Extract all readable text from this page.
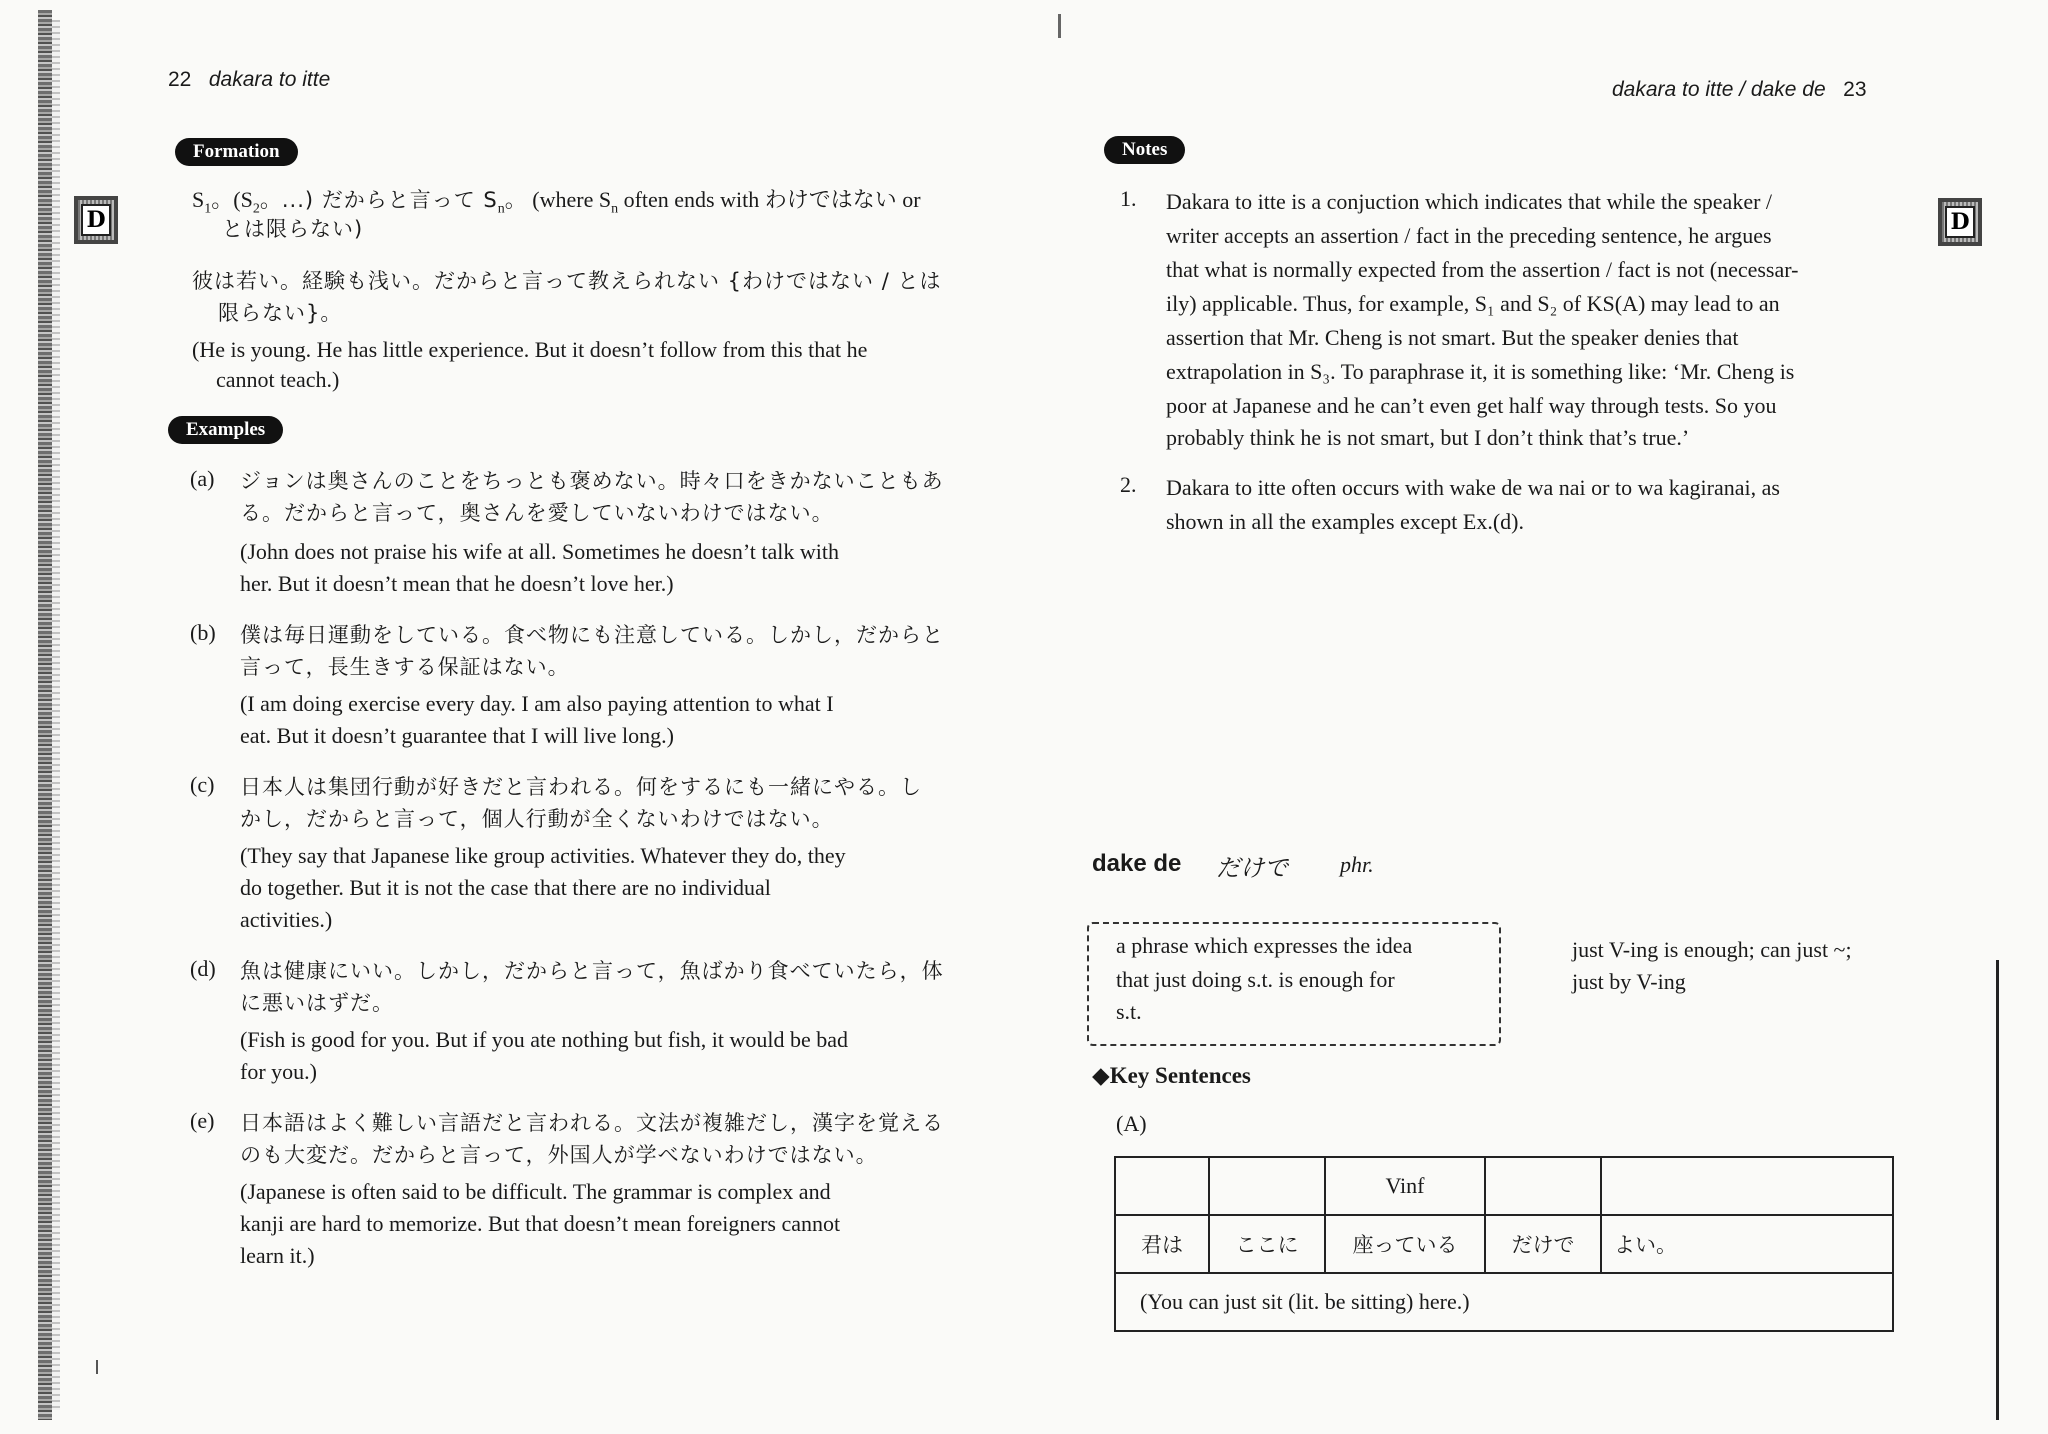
22 dakara to itte
D
Formation
$S_1$。($S_2$。...) だからと言って $S_n$。 (where $S_n$ often ends with わけではない or
とは限らない)
彼は若い。経験も浅い。だからと言って教えられない {わけではない / とは
限らない}。
(He is young. He has little experience. But it doesn’t follow from this that he
cannot teach.)
Examples
(a) ジョンは奥さんのことをちっとも褒めない。時々口をきかないこともあ
る。だからと言って，奥さんを愛していないわけではない。
(John does not praise his wife at all. Sometimes he doesn’t talk with
her. But it doesn’t mean that he doesn’t love her.)
(b) 僕は毎日運動をしている。食べ物にも注意している。しかし，だからと
言って，長生きする保証はない。
(I am doing exercise every day. I am also paying attention to what I
eat. But it doesn’t guarantee that I will live long.)
(c) 日本人は集団行動が好きだと言われる。何をするにも一緒にやる。し
かし，だからと言って，個人行動が全くないわけではない。
(They say that Japanese like group activities. Whatever they do, they
do together. But it is not the case that there are no individual
activities.)
(d) 魚は健康にいい。しかし，だからと言って，魚ばかり食べていたら，体
に悪いはずだ。
(Fish is good for you. But if you ate nothing but fish, it would be bad
for you.)
(e) 日本語はよく難しい言語だと言われる。文法が複雑だし，漢字を覚える
のも大変だ。だからと言って，外国人が学べないわけではない。
(Japanese is often said to be difficult. The grammar is complex and
kanji are hard to memorize. But that doesn’t mean foreigners cannot
learn it.)
dakara to itte / dake de 23
D
Notes
1. Dakara to itte is a conjuction which indicates that while the speaker /
writer accepts an assertion / fact in the preceding sentence, he argues
that what is normally expected from the assertion / fact is not (necessar-
ily) applicable. Thus, for example, S₁ and S₂ of KS(A) may lead to an
assertion that Mr. Cheng is not smart. But the speaker denies that
extrapolation in S₃. To paraphrase it, it is something like: ‘Mr. Cheng is
poor at Japanese and he can’t even get half way through tests. So you
probably think he is not smart, but I don’t think that’s true.’
2. Dakara to itte often occurs with wake de wa nai or to wa kagiranai, as
shown in all the examples except Ex.(d).
dake de だけで phr.
a phrase which expresses the idea
that just doing s.t. is enough for
s.t.
just V-ing is enough; can just ~;
just by V-ing
◆Key Sentences
(A)
		Vinf		
君は	ここに	座っている	だけで	よい。
(You can just sit (lit. be sitting) here.)				
